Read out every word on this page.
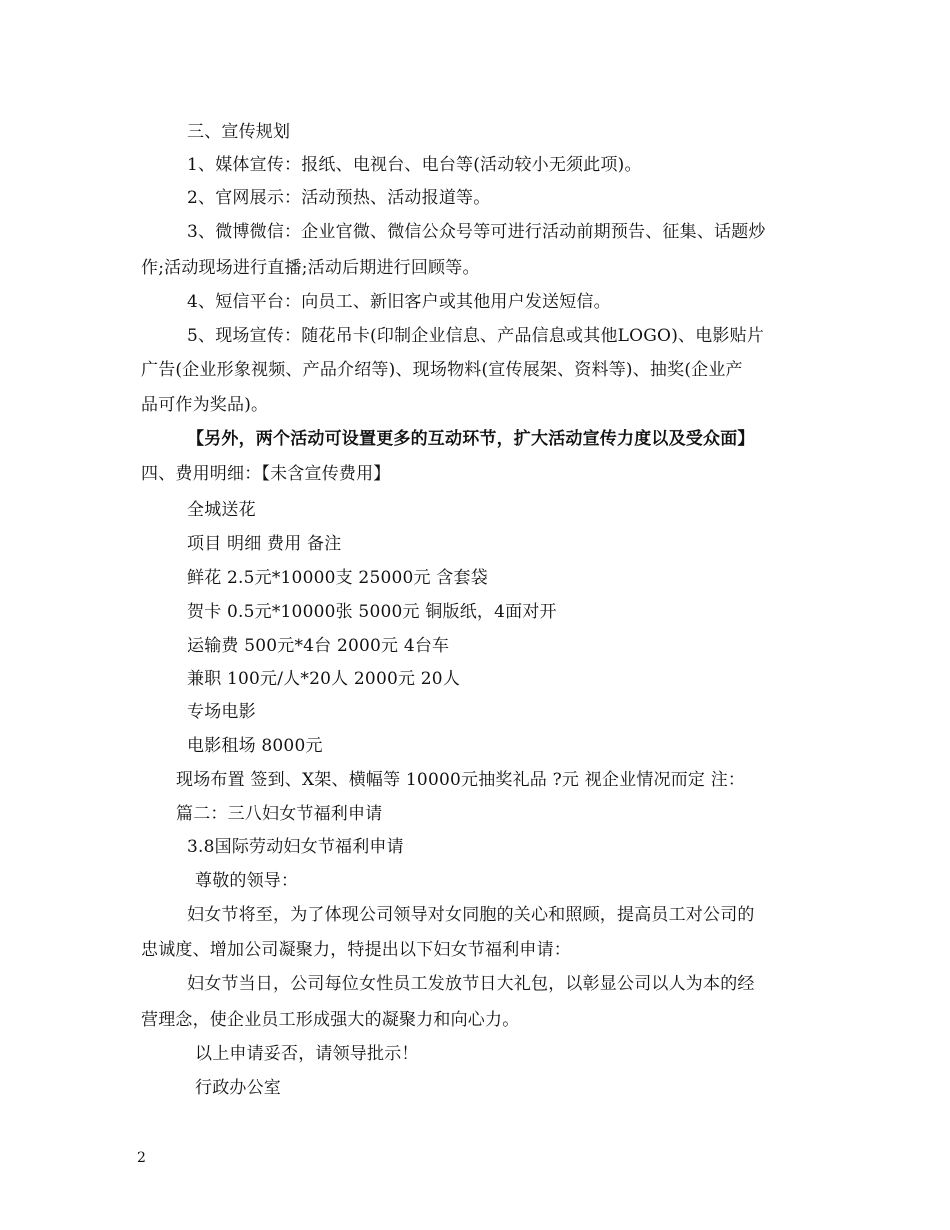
三、宣传规划
1、媒体宣传：报纸、电视台、电台等(活动较小无须此项)。
2、官网展示：活动预热、活动报道等。
3、微博微信：企业官微、微信公众号等可进行活动前期预告、征集、话题炒
作;活动现场进行直播;活动后期进行回顾等。
4、短信平台：向员工、新旧客户或其他用户发送短信。
5、现场宣传：随花吊卡(印制企业信息、产品信息或其他LOGO)、电影贴片
广告(企业形象视频、产品介绍等)、现场物料(宣传展架、资料等)、抽奖(企业产
品可作为奖品)。
【另外，两个活动可设置更多的互动环节，扩大活动宣传力度以及受众面】
四、费用明细：【未含宣传费用】
全城送花
项目 明细 费用 备注
鲜花 2.5元*10000支 25000元 含套袋
贺卡 0.5元*10000张 5000元 铜版纸，4面对开
运输费 500元*4台 2000元 4台车
兼职 100元/人*20人 2000元 20人
专场电影
电影租场 8000元
现场布置 签到、X架、横幅等 10000元抽奖礼品 ?元 视企业情况而定 注：
篇二：三八妇女节福利申请
3.8国际劳动妇女节福利申请
尊敬的领导：
妇女节将至，为了体现公司领导对女同胞的关心和照顾，提高员工对公司的
忠诚度、增加公司凝聚力，特提出以下妇女节福利申请：
妇女节当日，公司每位女性员工发放节日大礼包，以彰显公司以人为本的经
营理念，使企业员工形成强大的凝聚力和向心力。
以上申请妥否，请领导批示！
行政办公室
2
